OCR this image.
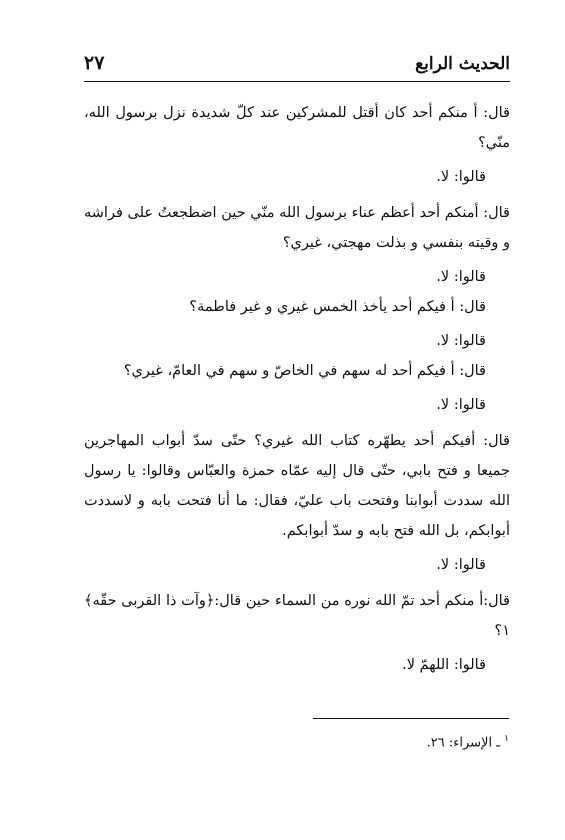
الحديث الرابع
٢٧

قال: أ منكم أحد كان أقتل للمشركين عند كلّ شديدة نزل برسول الله، منّي؟

قالوا: لا.

قال: أمنكم أحد أعظم عناء برسول الله منّي حين اضطجعتُ على فراشه و وقيته بنفسي و بذلت مهجتي، غيري؟

قالوا: لا.

قال: أ فيكم أحد يأخذ الخمس غيري و غير فاطمة؟

قالوا: لا.

قال: أ فيكم أحد له سهم في الخاصّ و سهم في العامّ، غيري؟

قالوا: لا.

قال: أفيكم أحد يطهّره كتاب الله غيري؟ حتّى سدّ أبواب المهاجرين جميعا و فتح بابي، حتّى قال إليه عمّاه حمزة والعبّاس وقالوا: يا رسول الله سددت أبوابنا وفتحت باب عليّ، فقال: ما أنا فتحت بابه و لاسددت أبوابكم، بل الله فتح بابه و سدّ أبوابكم.

قالوا: لا.

قال:أ منكم أحد تمّ الله نوره من السماء حين قال:﴿وآت ذا القربى حقّه﴾١؟

قالوا: اللهمّ لا.

$^١$ ـ الإسراء: ٢٦.
